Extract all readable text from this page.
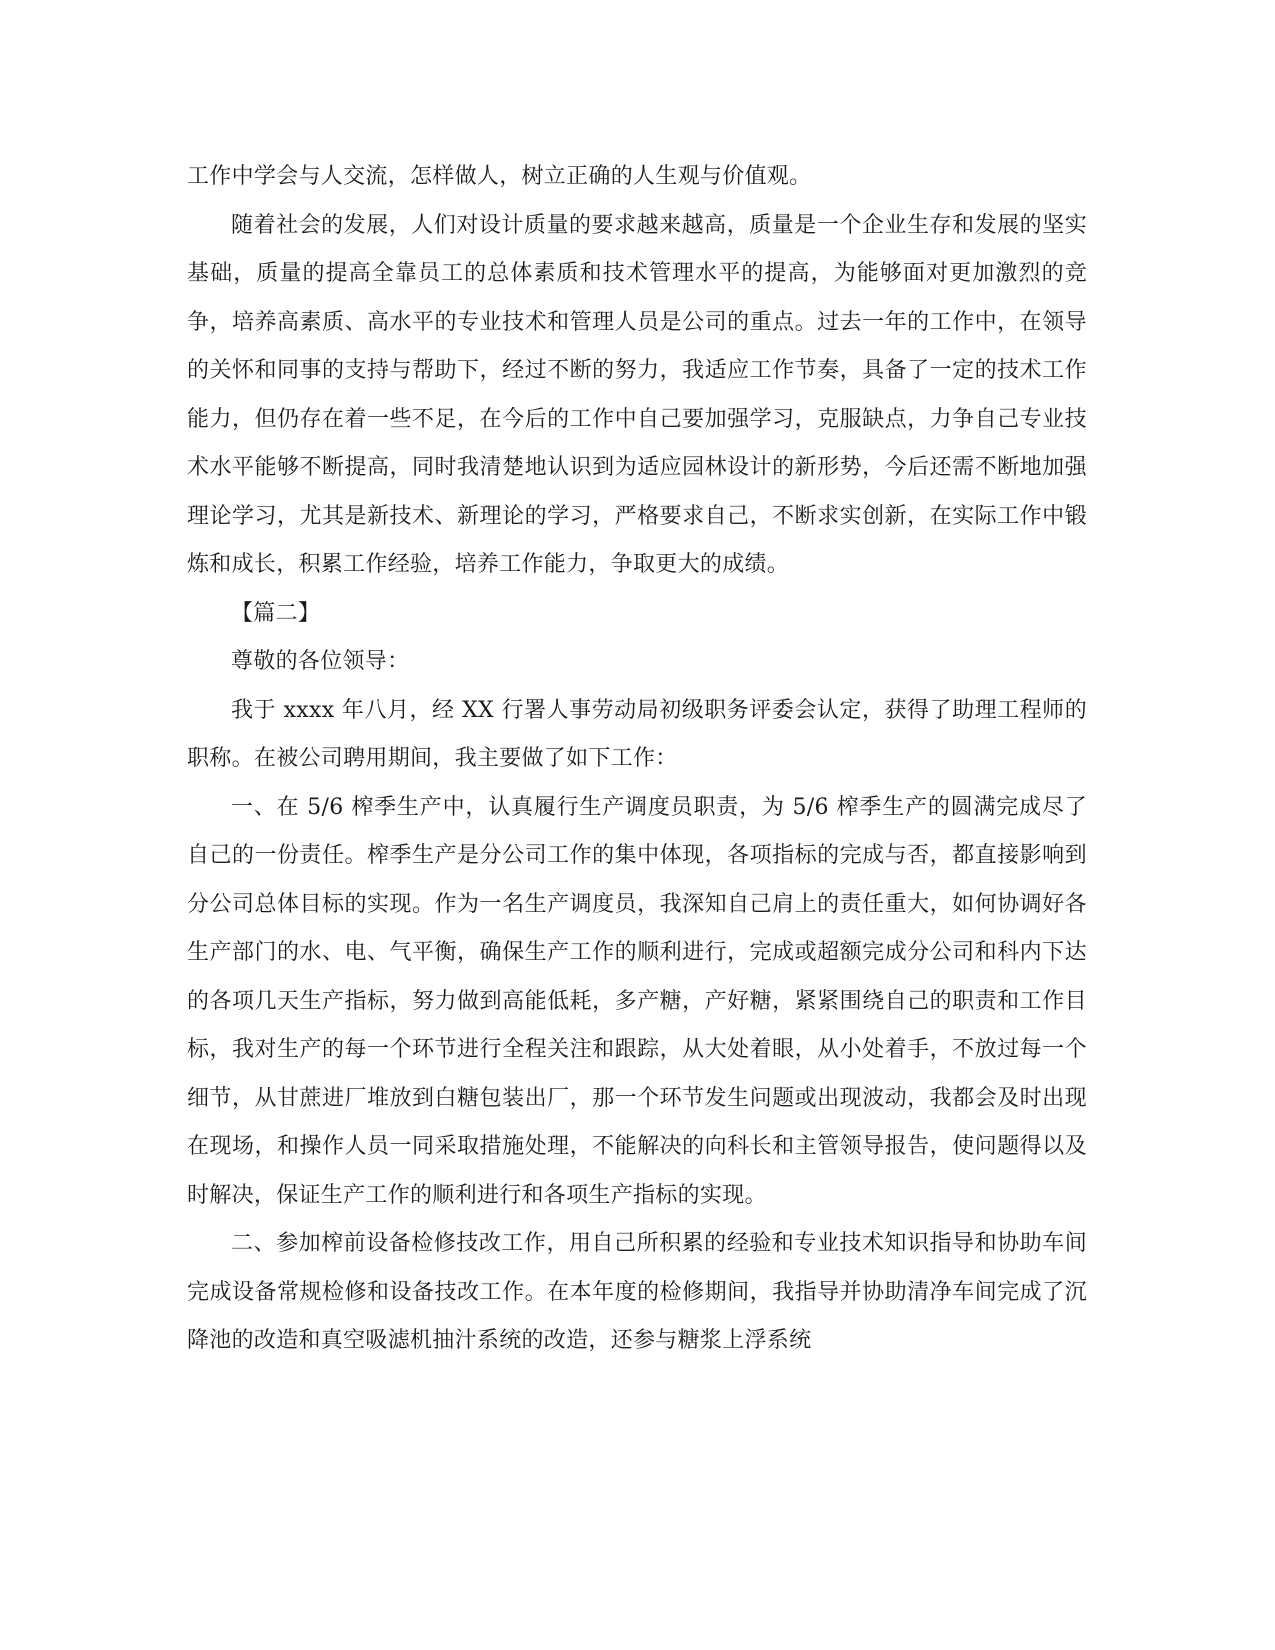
工作中学会与人交流，怎样做人，树立正确的人生观与价值观。

随着社会的发展，人们对设计质量的要求越来越高，质量是一个企业生存和发展的坚实基础，质量的提高全靠员工的总体素质和技术管理水平的提高，为能够面对更加激烈的竞争，培养高素质、高水平的专业技术和管理人员是公司的重点。过去一年的工作中，在领导的关怀和同事的支持与帮助下，经过不断的努力，我适应工作节奏，具备了一定的技术工作能力，但仍存在着一些不足，在今后的工作中自己要加强学习，克服缺点，力争自己专业技术水平能够不断提高，同时我清楚地认识到为适应园林设计的新形势，今后还需不断地加强理论学习，尤其是新技术、新理论的学习，严格要求自己，不断求实创新，在实际工作中锻炼和成长，积累工作经验，培养工作能力，争取更大的成绩。

【篇二】

尊敬的各位领导：

我于 xxxx 年八月，经 XX 行署人事劳动局初级职务评委会认定，获得了助理工程师的职称。在被公司聘用期间，我主要做了如下工作：

一、在 5/6 榨季生产中，认真履行生产调度员职责，为 5/6 榨季生产的圆满完成尽了自己的一份责任。榨季生产是分公司工作的集中体现，各项指标的完成与否，都直接影响到分公司总体目标的实现。作为一名生产调度员，我深知自己肩上的责任重大，如何协调好各生产部门的水、电、气平衡，确保生产工作的顺利进行，完成或超额完成分公司和科内下达的各项几天生产指标，努力做到高能低耗，多产糖，产好糖，紧紧围绕自己的职责和工作目标，我对生产的每一个环节进行全程关注和跟踪，从大处着眼，从小处着手，不放过每一个细节，从甘蔗进厂堆放到白糖包装出厂，那一个环节发生问题或出现波动，我都会及时出现在现场，和操作人员一同采取措施处理，不能解决的向科长和主管领导报告，使问题得以及时解决，保证生产工作的顺利进行和各项生产指标的实现。

二、参加榨前设备检修技改工作，用自己所积累的经验和专业技术知识指导和协助车间完成设备常规检修和设备技改工作。在本年度的检修期间，我指导并协助清净车间完成了沉降池的改造和真空吸滤机抽汁系统的改造，还参与糖浆上浮系统
